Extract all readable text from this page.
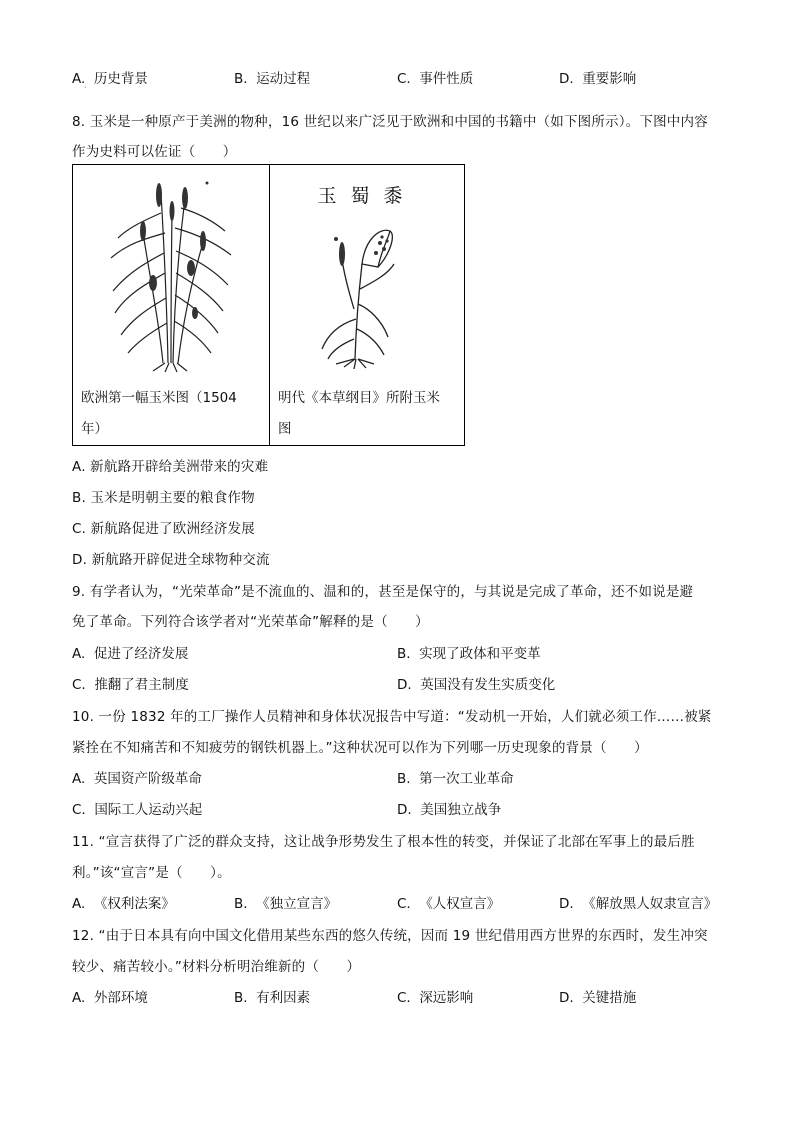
A. 历史背景	B. 运动过程	C. 事件性质	D. 重要影响
·
8. 玉米是一种原产于美洲的物种，16 世纪以来广泛见于欧洲和中国的书籍中（如下图所示）。下图中内容
作为史料可以佐证（　　）
欧洲第一幅玉米图（1504
年）
玉蜀黍
明代《本草纲目》所附玉米
图
A. 新航路开辟给美洲带来的灾难
B. 玉米是明朝主要的粮食作物
C. 新航路促进了欧洲经济发展
D. 新航路开辟促进全球物种交流
9. 有学者认为，“光荣革命”是不流血的、温和的，甚至是保守的，与其说是完成了革命，还不如说是避
免了革命。下列符合该学者对“光荣革命”解释的是（　　）
A. 促进了经济发展	B. 实现了政体和平变革
C. 推翻了君主制度	D. 英国没有发生实质变化
10. 一份 1832 年的工厂操作人员精神和身体状况报告中写道：“发动机一开始，人们就必须工作……被紧
紧拴在不知痛苦和不知疲劳的钢铁机器上。”这种状况可以作为下列哪一历史现象的背景（　　）
A. 英国资产阶级革命	B. 第一次工业革命
C. 国际工人运动兴起	D. 美国独立战争
11. “宣言获得了广泛的群众支持，这让战争形势发生了根本性的转变，并保证了北部在军事上的最后胜
利。”该“宣言”是（　　）。
A. 《权利法案》	B. 《独立宣言》	C. 《人权宣言》	D. 《解放黑人奴隶宣言》
12. “由于日本具有向中国文化借用某些东西的悠久传统，因而 19 世纪借用西方世界的东西时，发生冲突
较少、痛苦较小。”材料分析明治维新的（　　）
A. 外部环境	B. 有利因素	C. 深远影响	D. 关键措施
